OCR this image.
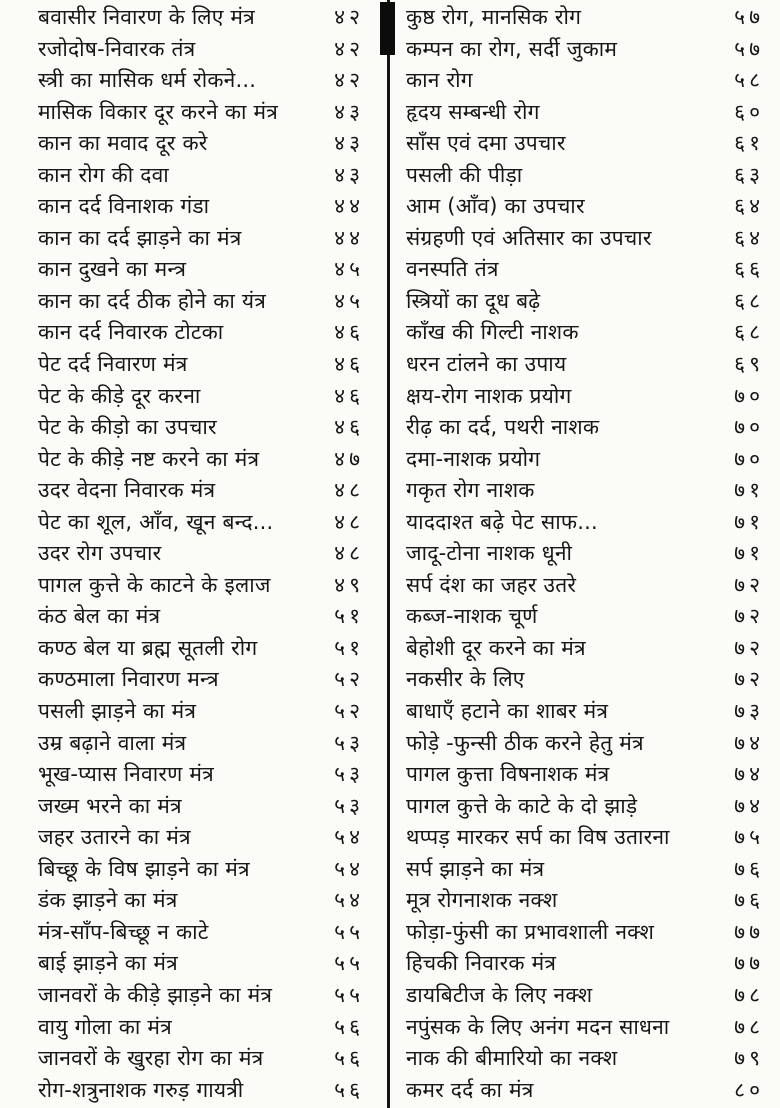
बवासीर निवारण के लिए मंत्र	४२
रजोदोष-निवारक तंत्र	४२
स्त्री का मासिक धर्म रोकने...	४२
मासिक विकार दूर करने का मंत्र	४३
कान का मवाद दूर करे	४३
कान रोग की दवा	४३
कान दर्द विनाशक गंडा	४४
कान का दर्द झाड़ने का मंत्र	४४
कान दुखने का मन्त्र	४५
कान का दर्द ठीक होने का यंत्र	४५
कान दर्द निवारक टोटका	४६
पेट दर्द निवारण मंत्र	४६
पेट के कीड़े दूर करना	४६
पेट के कीड़ो का उपचार	४६
पेट के कीड़े नष्ट करने का मंत्र	४७
उदर वेदना निवारक मंत्र	४८
पेट का शूल, आँव, खून बन्द...	४८
उदर रोग उपचार	४८
पागल कुत्ते के काटने के इलाज	४९
कंठ बेल का मंत्र	५१
कण्ठ बेल या ब्रह्म सूतली रोग	५१
कण्ठमाला निवारण मन्त्र	५२
पसली झाड़ने का मंत्र	५२
उम्र बढ़ाने वाला मंत्र	५३
भूख-प्यास निवारण मंत्र	५३
जख्म भरने का मंत्र	५३
जहर उतारने का मंत्र	५४
बिच्छू के विष झाड़ने का मंत्र	५४
डंक झाड़ने का मंत्र	५४
मंत्र-साँप-बिच्छू न काटे	५५
बाई झाड़ने का मंत्र	५५
जानवरों के कीड़े झाड़ने का मंत्र	५५
वायु गोला का मंत्र	५६
जानवरों के खुरहा रोग का मंत्र	५६
रोग-शत्रुनाशक गरुड़ गायत्री	५६
कुष्ठ रोग, मानसिक रोग	५७
कम्पन का रोग, सर्दी जुकाम	५७
कान रोग	५८
हृदय सम्बन्धी रोग	६०
साँस एवं दमा उपचार	६१
पसली की पीड़ा	६३
आम (आँव) का उपचार	६४
संग्रहणी एवं अतिसार का उपचार	६४
वनस्पति तंत्र	६६
स्त्रियों का दूध बढ़े	६८
काँख की गिल्टी नाशक	६८
धरन टांलने का उपाय	६९
क्षय-रोग नाशक प्रयोग	७०
रीढ़ का दर्द, पथरी नाशक	७०
दमा-नाशक प्रयोग	७०
गकृत रोग नाशक	७१
याददाश्त बढ़े पेट साफ...	७१
जादू-टोना नाशक धूनी	७१
सर्प दंश का जहर उतरे	७२
कब्ज-नाशक चूर्ण	७२
बेहोशी दूर करने का मंत्र	७२
नकसीर के लिए	७२
बाधाएँ हटाने का शाबर मंत्र	७३
फोड़े -फुन्सी ठीक करने हेतु मंत्र	७४
पागल कुत्ता विषनाशक मंत्र	७४
पागल कुत्ते के काटे के दो झाड़े	७४
थप्पड़ मारकर सर्प का विष उतारना	७५
सर्प झाड़ने का मंत्र	७६
मूत्र रोगनाशक नक्श	७६
फोड़ा-फुंसी का प्रभावशाली नक्श	७७
हिचकी निवारक मंत्र	७७
डायबिटीज के लिए नक्श	७८
नपुंसक के लिए अनंग मदन साधना	७८
नाक की बीमारियो का नक्श	७९
कमर दर्द का मंत्र	८०
